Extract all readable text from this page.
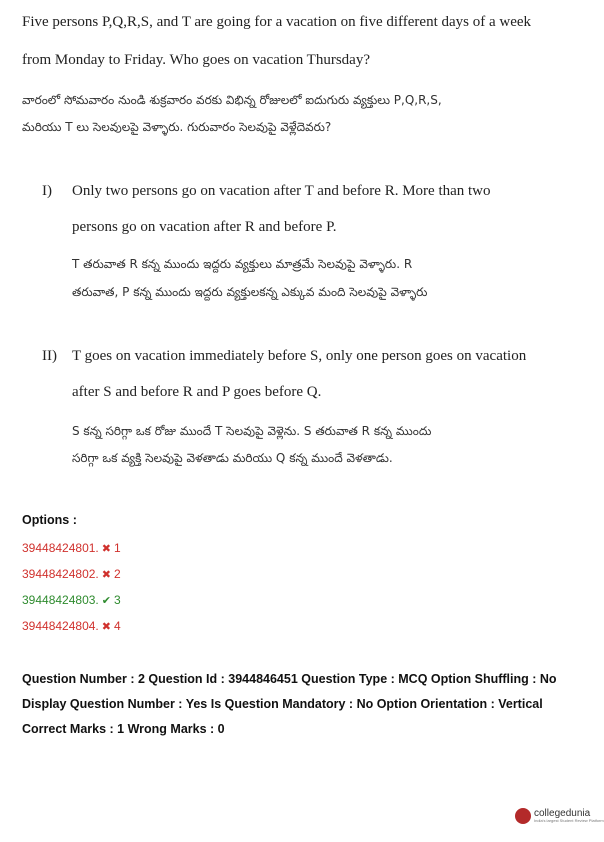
Five persons P,Q,R,S, and T are going for a vacation on five different days of a week
from Monday to Friday. Who goes on vacation Thursday?
వారంలో సోమవారం నుండి శుక్రవారం వరకు విభిన్న రోజులలో ఐదుగురు వ్యక్తులు P,Q,R,S,
మరియు T లు సెలవులపై వెళ్ళారు. గురువారం సెలవుపై వెళ్లేదెవరు?
I) Only two persons go on vacation after T and before R. More than two
persons go on vacation after R and before P.
T తరువాత R కన్న ముందు ఇద్దరు వ్యక్తులు మాత్రమే సెలవుపై వెళ్ళారు. R
తరువాత, P కన్న ముందు ఇద్దరు వ్యక్తులకన్న ఎక్కువ మంది సెలవుపై వెళ్ళారు
II) T goes on vacation immediately before S, only one person goes on vacation
after S and before R and P goes before Q.
S కన్న సరిగ్గా ఒక రోజు ముందే T సెలవుపై వెళ్లెను. S తరువాత R కన్న ముందు
సరిగ్గా ఒక వ్యక్తి సెలవుపై వెళతాడు మరియు Q కన్న ముందే వెళతాడు.
Options :
39448424801. ✖ 1
39448424802. ✖ 2
39448424803. ✔ 3
39448424804. ✖ 4
Question Number : 2 Question Id : 3944846451 Question Type : MCQ Option Shuffling : No
Display Question Number : Yes Is Question Mandatory : No Option Orientation : Vertical
Correct Marks : 1 Wrong Marks : 0
collegedunia
India's largest Student Review Platform
